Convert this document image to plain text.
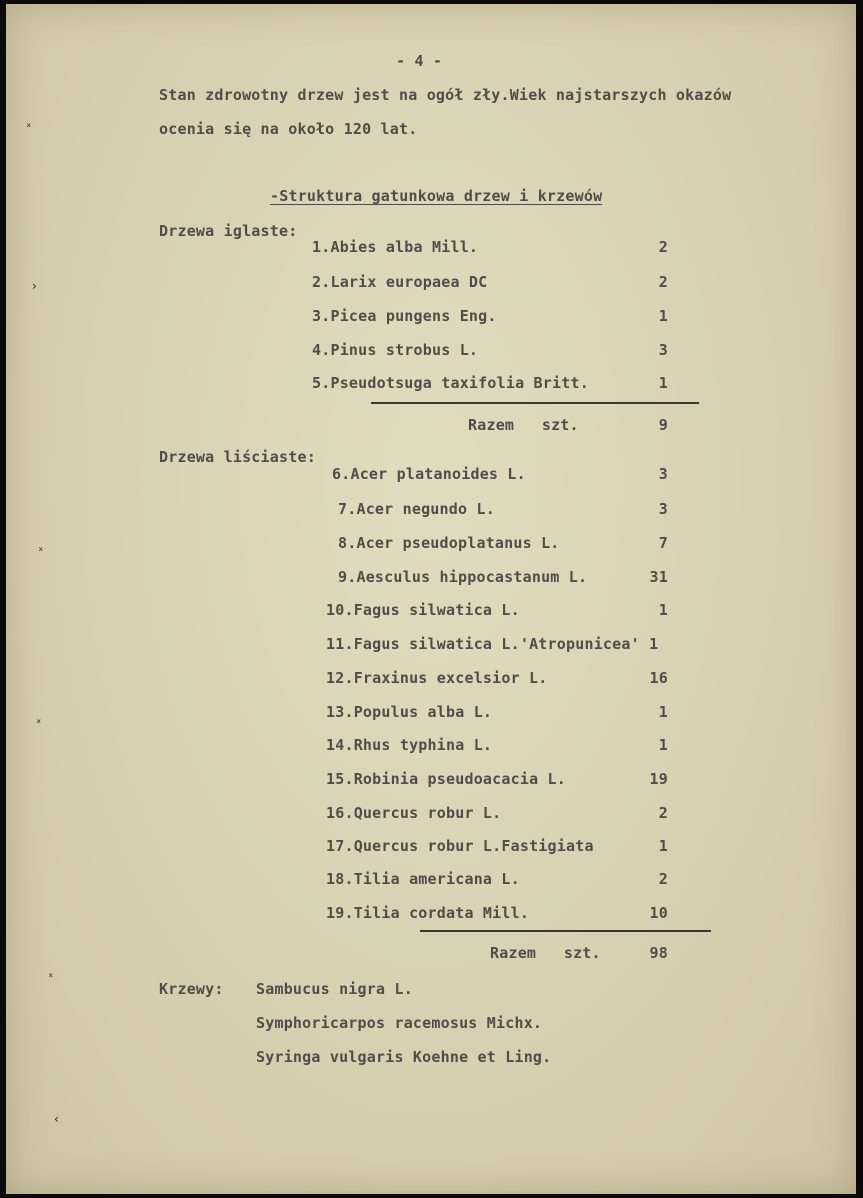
- 4 -
Stan zdrowotny drzew jest na ogół zły.Wiek najstarszych okazów
ocenia się na około 120 lat.
-Struktura gatunkowa drzew i krzewów
Drzewa iglaste:
1.Abies alba Mill.	2
2.Larix europaea DC	2
3.Picea pungens Eng.	1
4.Pinus strobus L.	3
5.Pseudotsuga taxifolia Britt.	1
Razem   szt.	9
Drzewa liściaste:
6.Acer platanoides L.	3
7.Acer negundo L.	3
8.Acer pseudoplatanus L.	7
9.Aesculus hippocastanum L.	31
10.Fagus silwatica L.	1
11.Fagus silwatica L.'Atropunicea' 1
12.Fraxinus excelsior L.	16
13.Populus alba L.	1
14.Rhus typhina L.	1
15.Robinia pseudoacacia L.	19
16.Quercus robur L.	2
17.Quercus robur L.Fastigiata	1
18.Tilia americana L.	2
19.Tilia cordata Mill.	10
Razem   szt.	98
Krzewy: Sambucus nigra L.
Symphoricarpos racemosus Michx.
Syringa vulgaris Koehne et Ling.
ˣ
›
ˣ
ˣ
ˣ
‹
